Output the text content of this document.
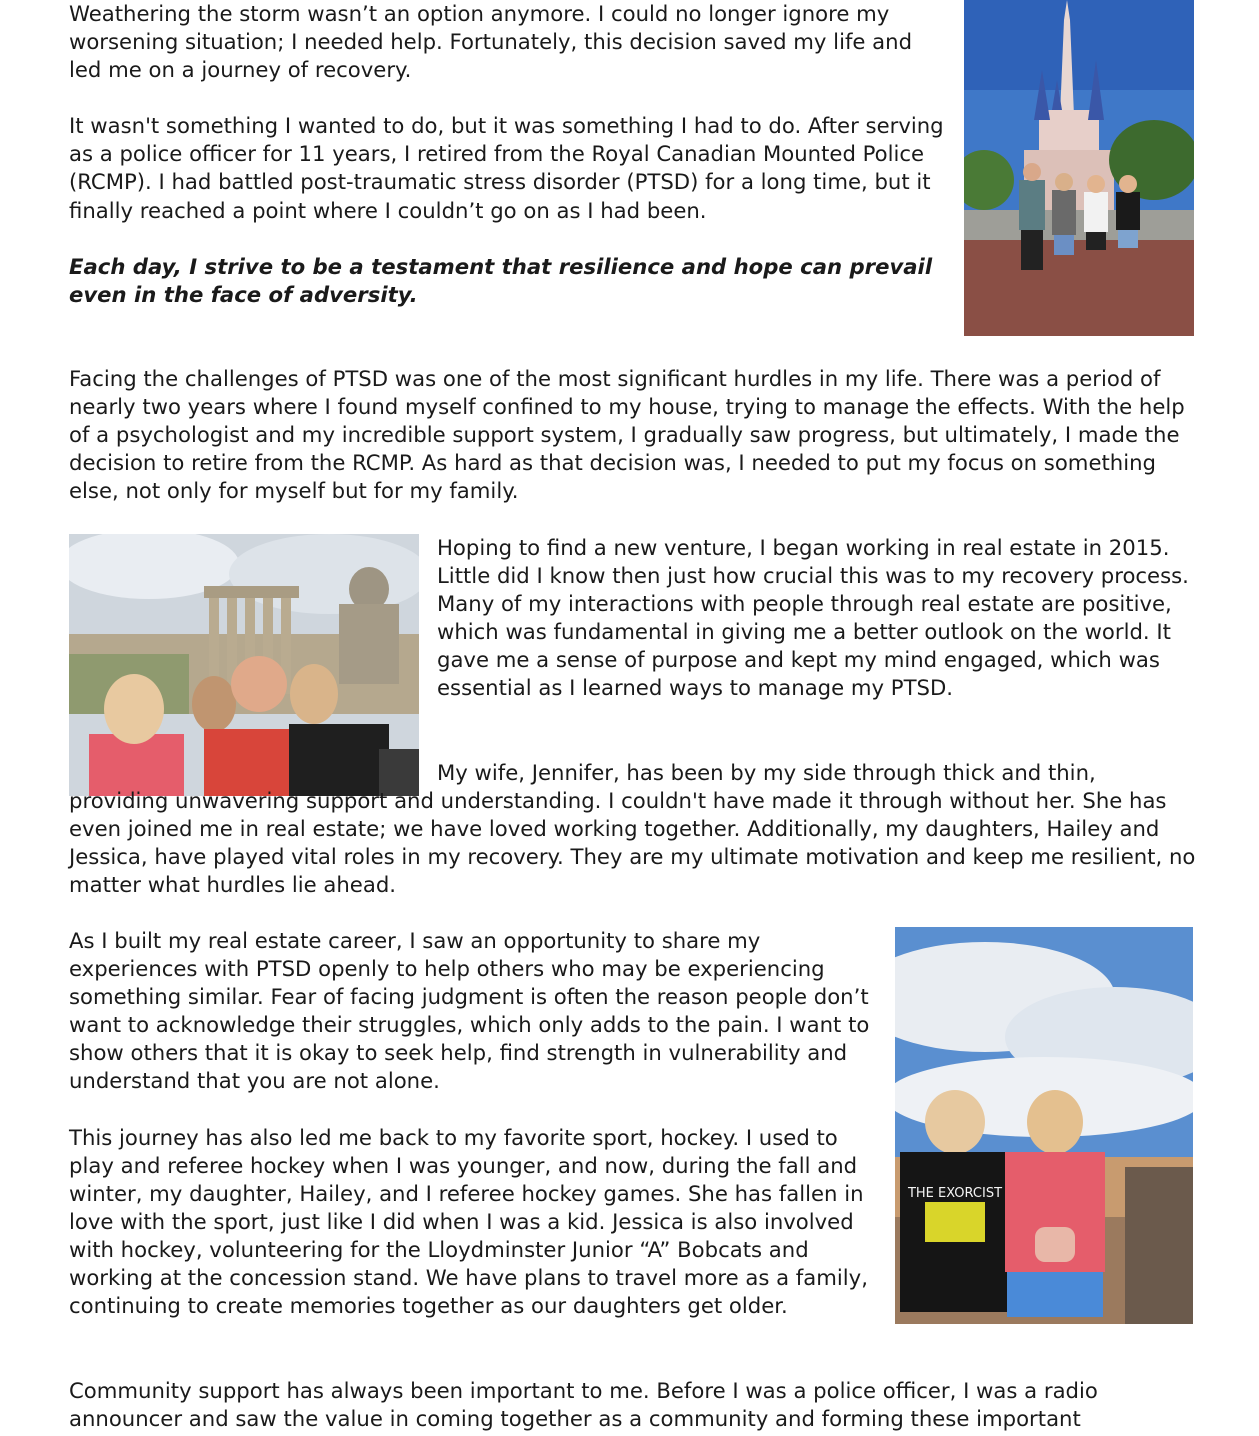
THE EXORCIST

Weathering the storm wasn’t an option anymore. I could no longer ignore my worsening situation; I needed help. Fortunately, this decision saved my life and led me on a journey of recovery.

It wasn't something I wanted to do, but it was something I had to do. After serving as a police officer for 11 years, I retired from the Royal Canadian Mounted Police (RCMP). I had battled post-traumatic stress disorder (PTSD) for a long time, but it finally reached a point where I couldn’t go on as I had been.

Each day, I strive to be a testament that resilience and hope can prevail even in the face of adversity.

Facing the challenges of PTSD was one of the most significant hurdles in my life. There was a period of nearly two years where I found myself confined to my house, trying to manage the effects. With the help of a psychologist and my incredible support system, I gradually saw progress, but ultimately, I made the decision to retire from the RCMP. As hard as that decision was, I needed to put my focus on something else, not only for myself but for my family.

Hoping to find a new venture, I began working in real estate in 2015. Little did I know then just how crucial this was to my recovery process. Many of my interactions with people through real estate are positive, which was fundamental in giving me a better outlook on the world. It gave me a sense of purpose and kept my mind engaged, which was essential as I learned ways to manage my PTSD.

My wife, Jennifer, has been by my side through thick and thin, providing unwavering support and understanding. I couldn't have made it through without her. She has even joined me in real estate; we have loved working together. Additionally, my daughters, Hailey and Jessica, have played vital roles in my recovery. They are my ultimate motivation and keep me resilient, no matter what hurdles lie ahead.

As I built my real estate career, I saw an opportunity to share my experiences with PTSD openly to help others who may be experiencing something similar. Fear of facing judgment is often the reason people don’t want to acknowledge their struggles, which only adds to the pain. I want to show others that it is okay to seek help, find strength in vulnerability and understand that you are not alone.

This journey has also led me back to my favorite sport, hockey. I used to play and referee hockey when I was younger, and now, during the fall and winter, my daughter, Hailey, and I referee hockey games. She has fallen in love with the sport, just like I did when I was a kid. Jessica is also involved with hockey, volunteering for the Lloydminster Junior “A” Bobcats and working at the concession stand. We have plans to travel more as a family, continuing to create memories together as our daughters get older.

Community support has always been important to me. Before I was a police officer, I was a radio announcer and saw the value in coming together as a community and forming these important
